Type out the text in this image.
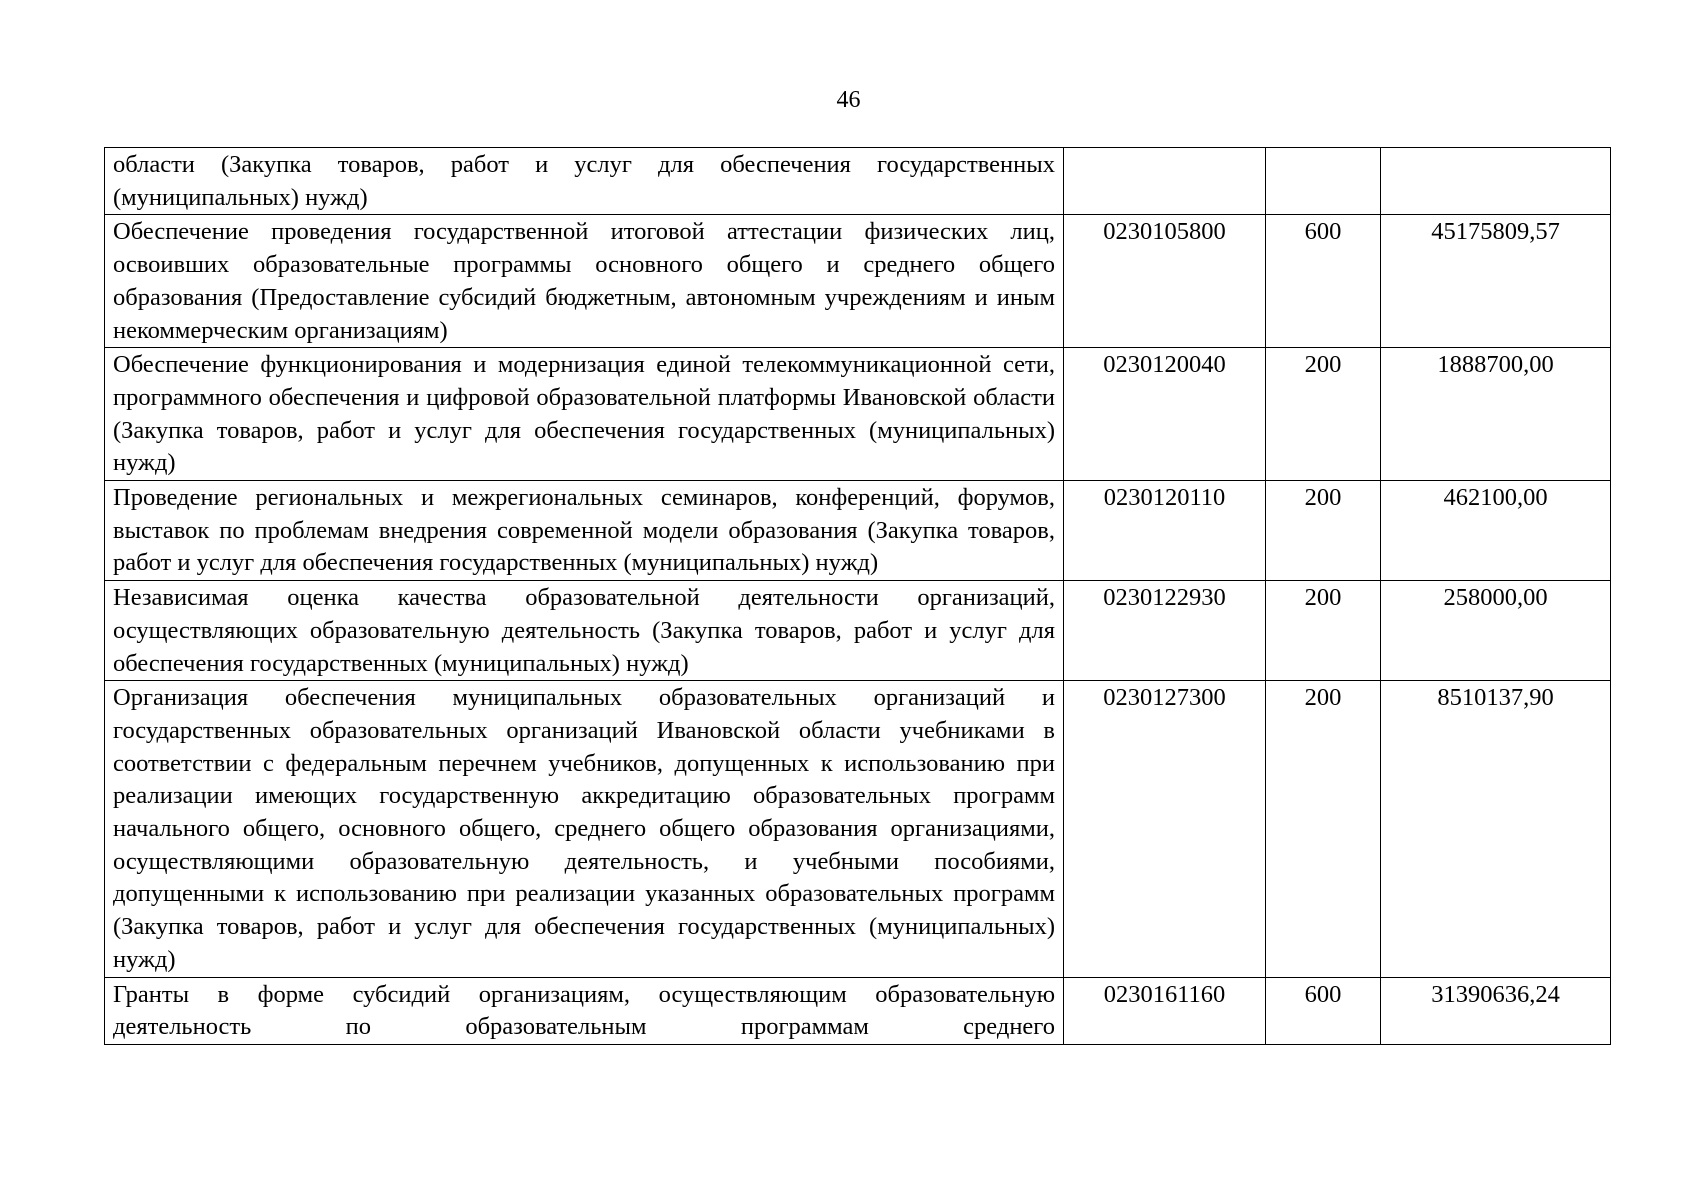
46
области (Закупка товаров, работ и услуг для обеспечения государственных (муниципальных) нужд)			
Обеспечение проведения государственной итоговой аттестации физических лиц, освоивших образовательные программы основного общего и среднего общего образования (Предоставление субсидий бюджетным, автономным учреждениям и иным некоммерческим организациям)	0230105800	600	45175809,57
Обеспечение функционирования и модернизация единой телекоммуникационной сети, программного обеспечения и цифровой образовательной платформы Ивановской области (Закупка товаров, работ и услуг для обеспечения государственных (муниципальных) нужд)	0230120040	200	1888700,00
Проведение региональных и межрегиональных семинаров, конференций, форумов, выставок по проблемам внедрения современной модели образования (Закупка товаров, работ и услуг для обеспечения государственных (муниципальных) нужд)	0230120110	200	462100,00
Независимая оценка качества образовательной деятельности организаций, осуществляющих образовательную деятельность (Закупка товаров, работ и услуг для обеспечения государственных (муниципальных) нужд)	0230122930	200	258000,00
Организация обеспечения муниципальных образовательных организаций и государственных образовательных организаций Ивановской области учебниками в соответствии с федеральным перечнем учебников, допущенных к использованию при реализации имеющих государственную аккредитацию образовательных программ начального общего, основного общего, среднего общего образования организациями, осуществляющими образовательную деятельность, и учебными пособиями, допущенными к использованию при реализации указанных образовательных программ (Закупка товаров, работ и услуг для обеспечения государственных (муниципальных) нужд)	0230127300	200	8510137,90
Гранты в форме субсидий организациям, осуществляющим образовательную деятельность по образовательным программам среднего	0230161160	600	31390636,24
